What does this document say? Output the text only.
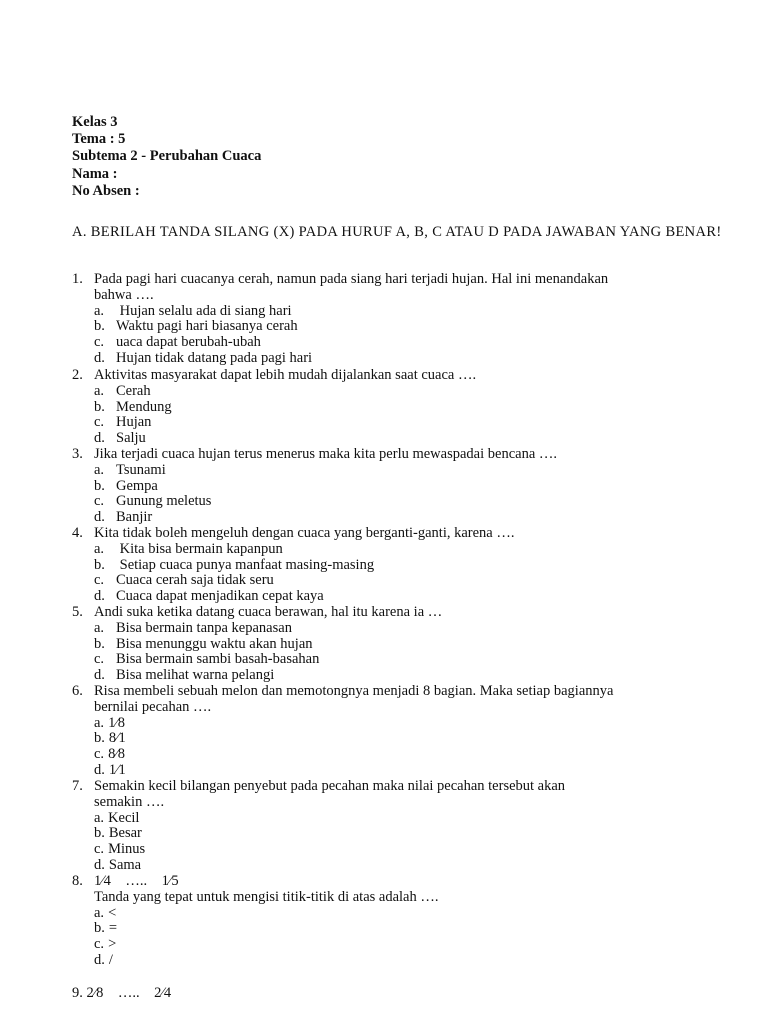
Kelas 3
Tema : 5
Subtema 2 - Perubahan Cuaca
Nama :
No Absen :
A. BERILAH TANDA SILANG (X) PADA HURUF A, B, C ATAU D PADA JAWABAN YANG BENAR!
1. Pada pagi hari cuacanya cerah, namun pada siang hari terjadi hujan. Hal ini menandakan
bahwa ….
a. Hujan selalu ada di siang hari
b. Waktu pagi hari biasanya cerah
c. uaca dapat berubah-ubah
d. Hujan tidak datang pada pagi hari
2. Aktivitas masyarakat dapat lebih mudah dijalankan saat cuaca ….
a. Cerah
b. Mendung
c. Hujan
d. Salju
3. Jika terjadi cuaca hujan terus menerus maka kita perlu mewaspadai bencana ….
a. Tsunami
b. Gempa
c. Gunung meletus
d. Banjir
4. Kita tidak boleh mengeluh dengan cuaca yang berganti-ganti, karena ….
a. Kita bisa bermain kapanpun
b. Setiap cuaca punya manfaat masing-masing
c. Cuaca cerah saja tidak seru
d. Cuaca dapat menjadikan cepat kaya
5. Andi suka ketika datang cuaca berawan, hal itu karena ia …
a. Bisa bermain tanpa kepanasan
b. Bisa menunggu waktu akan hujan
c. Bisa bermain sambi basah-basahan
d. Bisa melihat warna pelangi
6. Risa membeli sebuah melon dan memotongnya menjadi 8 bagian. Maka setiap bagiannya
bernilai pecahan ….
a. 1⁄8
b. 8⁄1
c. 8⁄8
d. 1⁄1
7. Semakin kecil bilangan penyebut pada pecahan maka nilai pecahan tersebut akan
semakin ….
a. Kecil
b. Besar
c. Minus
d. Sama
8. 1⁄4    …..    1⁄5
Tanda yang tepat untuk mengisi titik-titik di atas adalah ….
a. <
b. =
c. >
d. /
9. 2⁄8    …..    2⁄4
